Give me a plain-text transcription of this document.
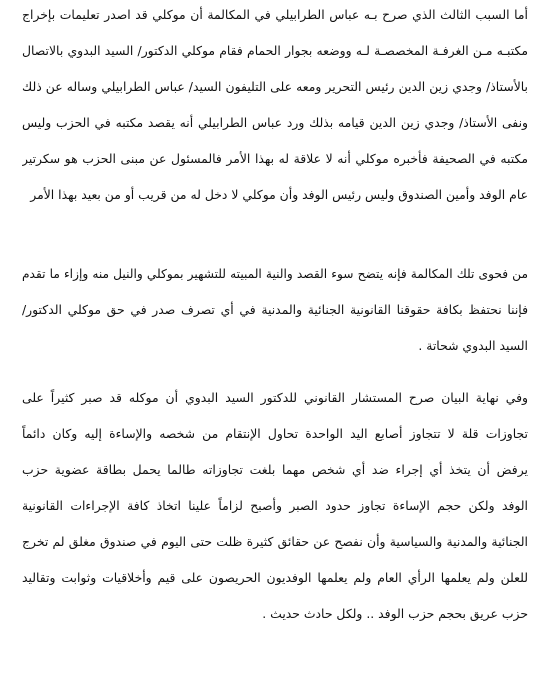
أما السبب الثالث الذي صرح بـه عباس الطرابيلي في المكالمة أن موكلي قد اصدر تعليمات بإخراج
مكتبـه مـن الغرفـة المخصصـة لـه ووضعه بجوار الحمام فقام موكلي الدكتور/ السيد البدوي بالاتصال
بالأستاذ/ وجدي زين الدين رئيس التحرير ومعه على التليفون السيد/ عباس الطرابيلي وساله عن ذلك
ونفى الأستاذ/ وجدي زين الدين قيامه بذلك ورد عباس الطرابيلي أنه يقصد مكتبه في الحزب وليس
مكتبه في الصحيفة فأخبره موكلي أنه لا علاقة له بهذا الأمر فالمسئول عن مبنى الحزب هو سكرتير
عام الوفد وأمين الصندوق وليس رئيس الوفد وأن موكلي لا دخل له من قريب أو من بعيد بهذا الأمر
من فحوى تلك المكالمة فإنه يتضح سوء القصد والنية المبيته للتشهير بموكلي والنيل منه وإزاء ما تقدم
فإننا نحتفظ بكافة حقوقنا القانونية الجنائية والمدنية في أي تصرف صدر في حق موكلي الدكتور/
السيد البدوي شحاتة .
وفي نهاية البيان صرح المستشار القانوني للدكتور السيد البدوي أن موكله قد صبر كثيراً على
تجاوزات قلة لا تتجاوز أصابع اليد الواحدة تحاول الإنتقام من شخصه والإساءة إليه وكان دائماً
يرفض أن يتخذ أي إجراء ضد أي شخص مهما بلغت تجاوزاته طالما يحمل بطاقة عضوية حزب
الوفد ولكن حجم الإساءة تجاوز حدود الصبر وأصبح لزاماً علينا اتخاذ كافة الإجراءات القانونية
الجنائية والمدنية والسياسية وأن نفصح عن حقائق كثيرة ظلت حتى اليوم في صندوق مغلق لم تخرج
للعلن ولم يعلمها الرأي العام ولم يعلمها الوفديون الحريصون على قيم وأخلاقيات وثوابت وتقاليد
حزب عريق بحجم حزب الوفد .. ولكل حادث حديث .
